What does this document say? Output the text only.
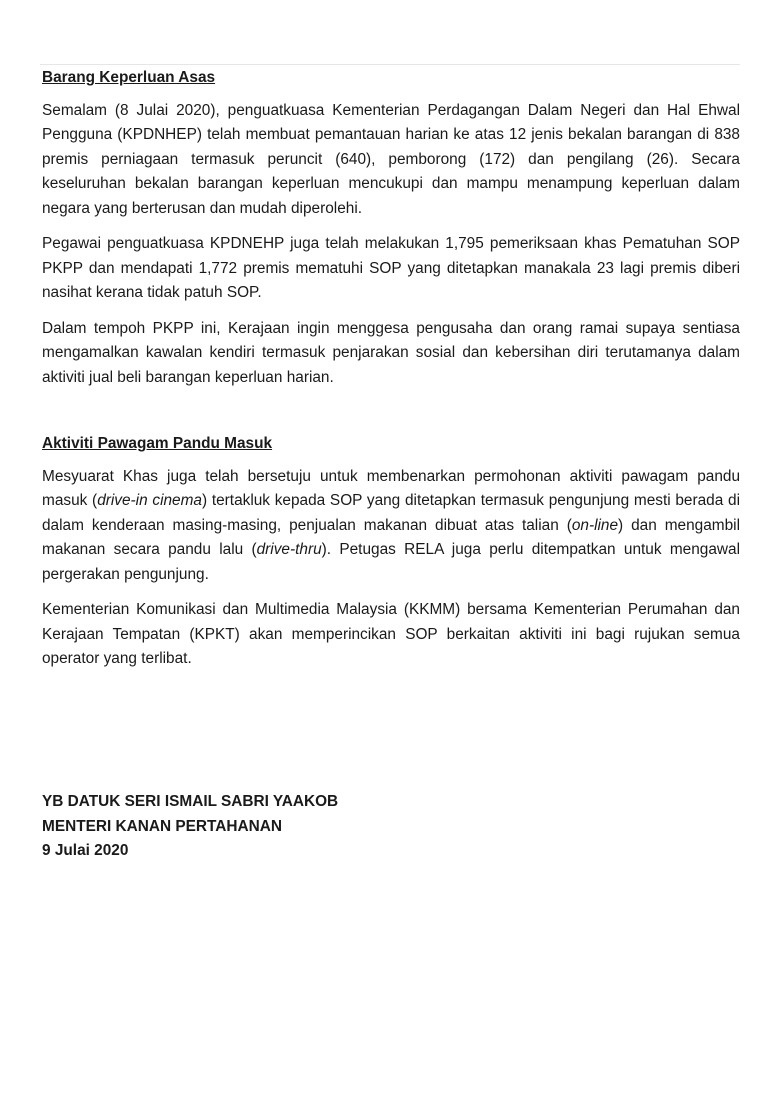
Barang Keperluan Asas

Semalam (8 Julai 2020), penguatkuasa Kementerian Perdagangan Dalam Negeri dan Hal Ehwal Pengguna (KPDNHEP) telah membuat pemantauan harian ke atas 12 jenis bekalan barangan di 838 premis perniagaan termasuk peruncit (640), pemborong (172) dan pengilang (26). Secara keseluruhan bekalan barangan keperluan mencukupi dan mampu menampung keperluan dalam negara yang berterusan dan mudah diperolehi.

Pegawai penguatkuasa KPDNEHP juga telah melakukan 1,795 pemeriksaan khas Pematuhan SOP PKPP dan mendapati 1,772 premis mematuhi SOP yang ditetapkan manakala 23 lagi premis diberi nasihat kerana tidak patuh SOP.

Dalam tempoh PKPP ini, Kerajaan ingin menggesa pengusaha dan orang ramai supaya sentiasa mengamalkan kawalan kendiri termasuk penjarakan sosial dan kebersihan diri terutamanya dalam aktiviti jual beli barangan keperluan harian.

Aktiviti Pawagam Pandu Masuk

Mesyuarat Khas juga telah bersetuju untuk membenarkan permohonan aktiviti pawagam pandu masuk (drive-in cinema) tertakluk kepada SOP yang ditetapkan termasuk pengunjung mesti berada di dalam kenderaan masing-masing, penjualan makanan dibuat atas talian (on-line) dan mengambil makanan secara pandu lalu (drive-thru). Petugas RELA juga perlu ditempatkan untuk mengawal pergerakan pengunjung.

Kementerian Komunikasi dan Multimedia Malaysia (KKMM) bersama Kementerian Perumahan dan Kerajaan Tempatan (KPKT) akan memperincikan SOP berkaitan aktiviti ini bagi rujukan semua operator yang terlibat.

YB DATUK SERI ISMAIL SABRI YAAKOB
MENTERI KANAN PERTAHANAN
9 Julai 2020
